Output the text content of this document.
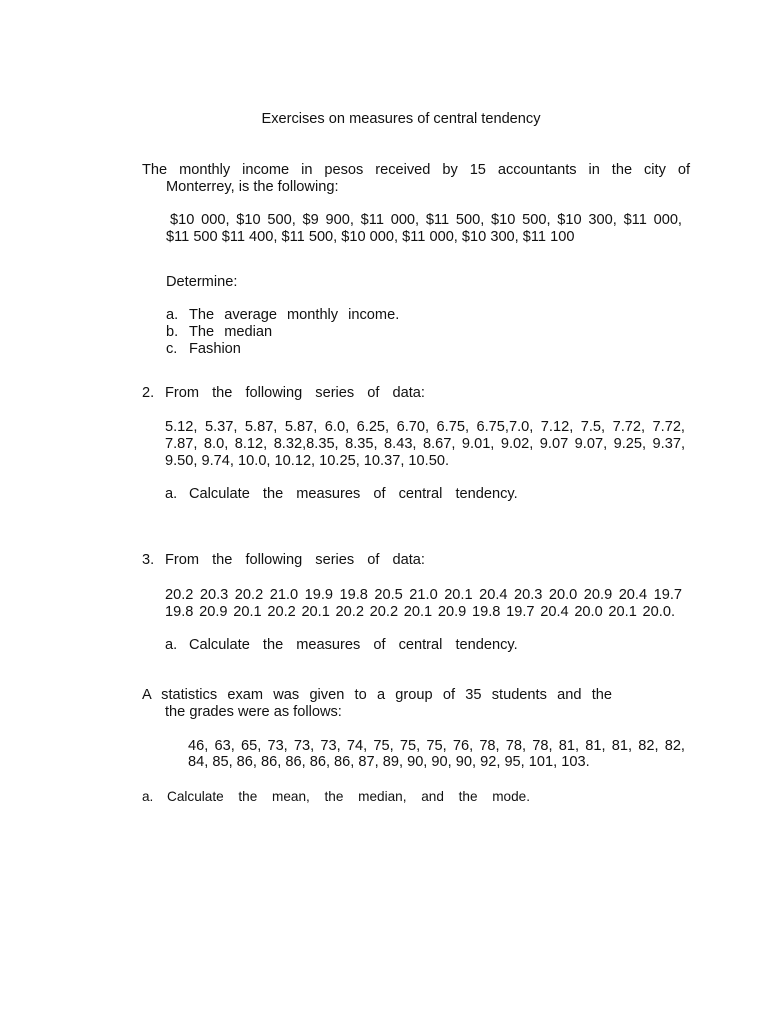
Exercises on measures of central tendency
The monthly income in pesos received by 15 accountants in the city of
Monterrey, is the following:
$10 000, $10 500, $9 900, $11 000, $11 500, $10 500, $10 300, $11 000,
$11 500 $11 400, $11 500, $10 000, $11 000, $10 300, $11 100
Determine:
a. The average monthly income.
b. The median
c. Fashion
2. From the following series of data:
5.12, 5.37, 5.87, 5.87, 6.0, 6.25, 6.70, 6.75, 6.75,7.0, 7.12, 7.5, 7.72, 7.72,
7.87, 8.0, 8.12, 8.32,8.35, 8.35, 8.43, 8.67, 9.01, 9.02, 9.07 9.07, 9.25, 9.37,
9.50, 9.74, 10.0, 10.12, 10.25, 10.37, 10.50.
a. Calculate the measures of central tendency.
3. From the following series of data:
20.2 20.3 20.2 21.0 19.9 19.8 20.5 21.0 20.1 20.4 20.3 20.0 20.9 20.4 19.7
19.8 20.9 20.1 20.2 20.1 20.2 20.2 20.1 20.9 19.8 19.7 20.4 20.0 20.1 20.0.
a. Calculate the measures of central tendency.
A statistics exam was given to a group of 35 students and the
the grades were as follows:
46, 63, 65, 73, 73, 73, 74, 75, 75, 75, 76, 78, 78, 78, 81, 81, 81, 82, 82,
84, 85, 86, 86, 86, 86, 86, 87, 89, 90, 90, 90, 92, 95, 101, 103.
a. Calculate the mean, the median, and the mode.
